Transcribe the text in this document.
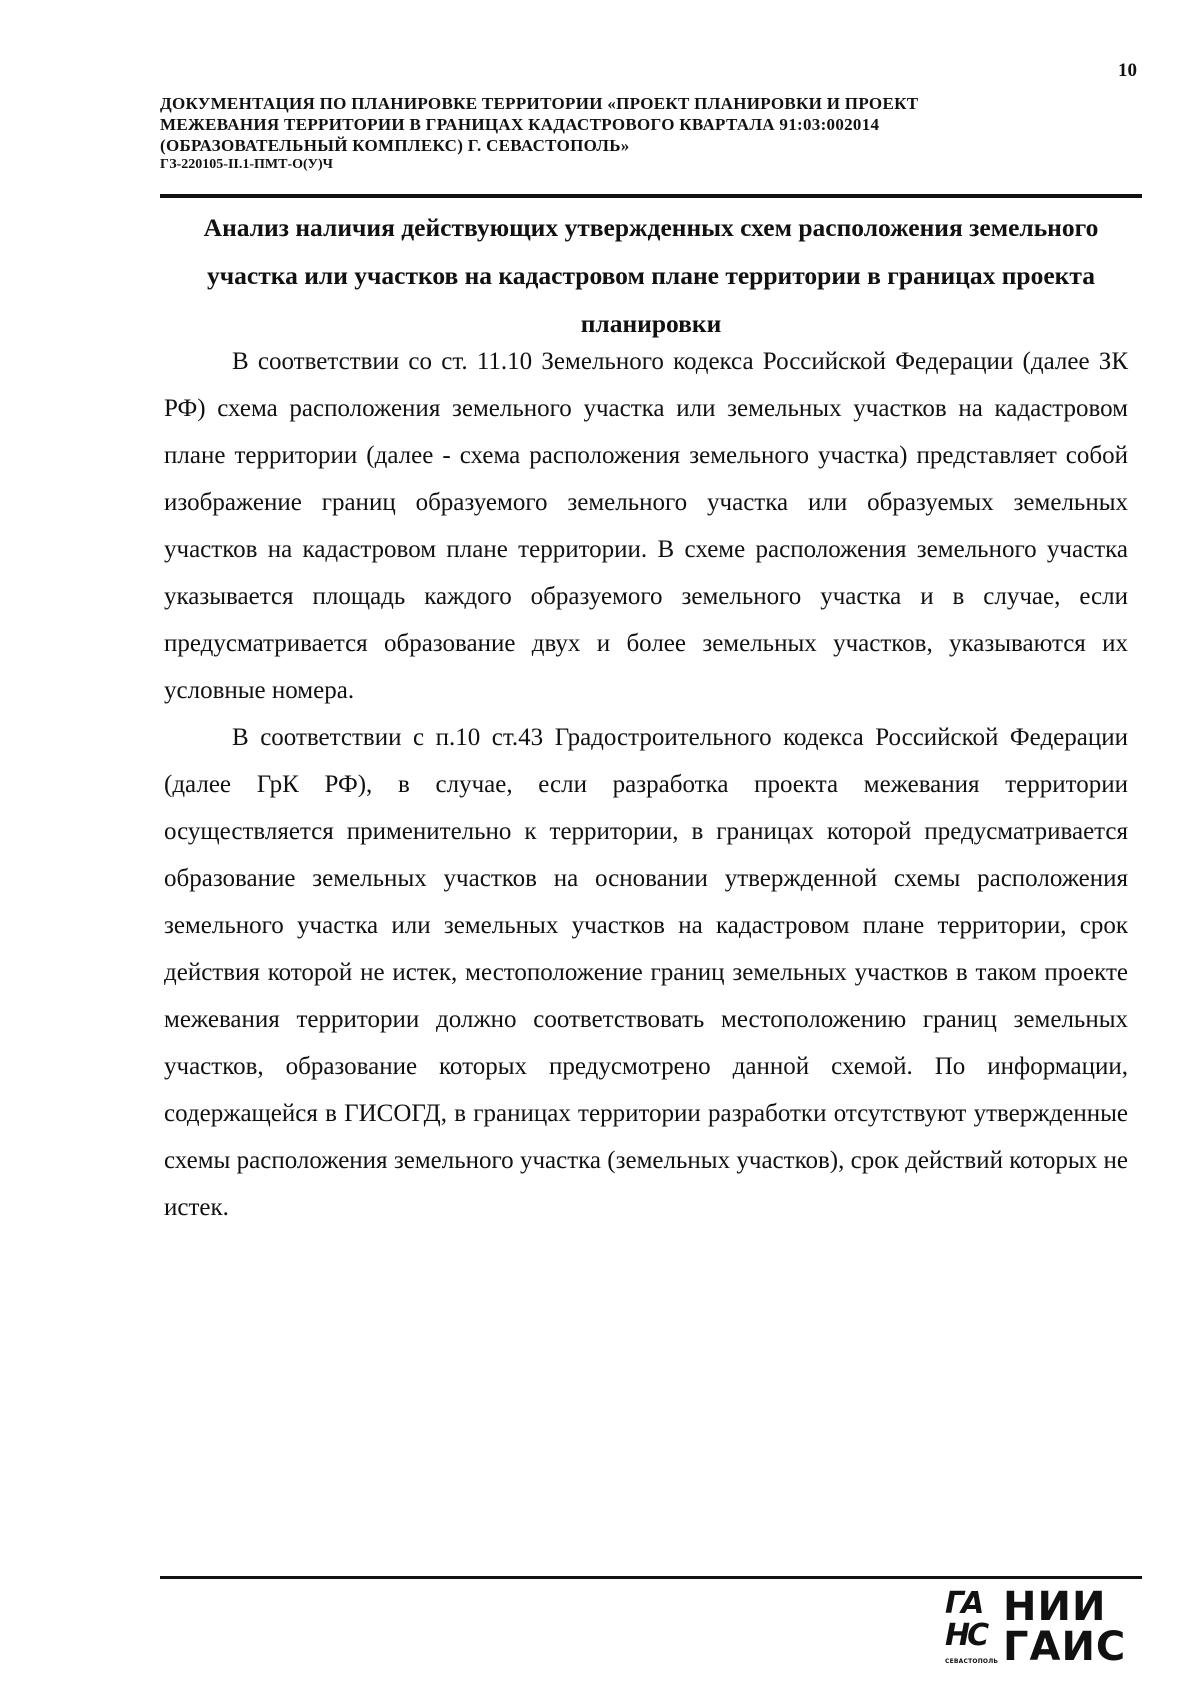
10
ДОКУМЕНТАЦИЯ ПО ПЛАНИРОВКЕ ТЕРРИТОРИИ «ПРОЕКТ ПЛАНИРОВКИ И ПРОЕКТ
МЕЖЕВАНИЯ ТЕРРИТОРИИ В ГРАНИЦАХ КАДАСТРОВОГО КВАРТАЛА 91:03:002014
(ОБРАЗОВАТЕЛЬНЫЙ КОМПЛЕКС) Г. СЕВАСТОПОЛЬ»
ГЗ-220105-II.1-ПМТ-О(У)Ч
Анализ наличия действующих утвержденных схем расположения земельного участка или участков на кадастровом плане территории в границах проекта планировки

В соответствии со ст. 11.10 Земельного кодекса Российской Федерации (далее ЗК РФ) схема расположения земельного участка или земельных участков на кадастровом плане территории (далее - схема расположения земельного участка) представляет собой изображение границ образуемого земельного участка или образуемых земельных участков на кадастровом плане территории. В схеме расположения земельного участка указывается площадь каждого образуемого земельного участка и в случае, если предусматривается образование двух и более земельных участков, указываются их условные номера.

В соответствии с п.10 ст.43 Градостроительного кодекса Российской Федерации (далее ГрК РФ), в случае, если разработка проекта межевания территории осуществляется применительно к территории, в границах которой предусматривается образование земельных участков на основании утвержденной схемы расположения земельного участка или земельных участков на кадастровом плане территории, срок действия которой не истек, местоположение границ земельных участков в таком проекте межевания территории должно соответствовать местоположению границ земельных участков, образование которых предусмотрено данной схемой. По информации, содержащейся в ГИСОГД, в границах территории разработки отсутствуют утвержденные схемы расположения земельного участка (земельных участков), срок действий которых не истек.

ГА
НС
СЕВАСТОПОЛЬ
НИИ
ГАИС
